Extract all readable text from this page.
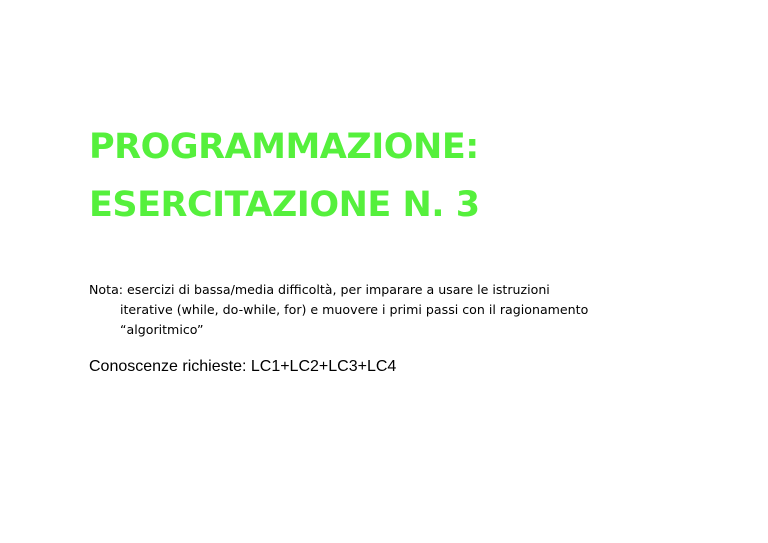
PROGRAMMAZIONE:
ESERCITAZIONE N. 3
Nota: esercizi di bassa/media difficoltà, per imparare a usare le istruzioni
iterative (while, do-while, for) e muovere i primi passi con il ragionamento
“algoritmico”
Conoscenze richieste: LC1+LC2+LC3+LC4
